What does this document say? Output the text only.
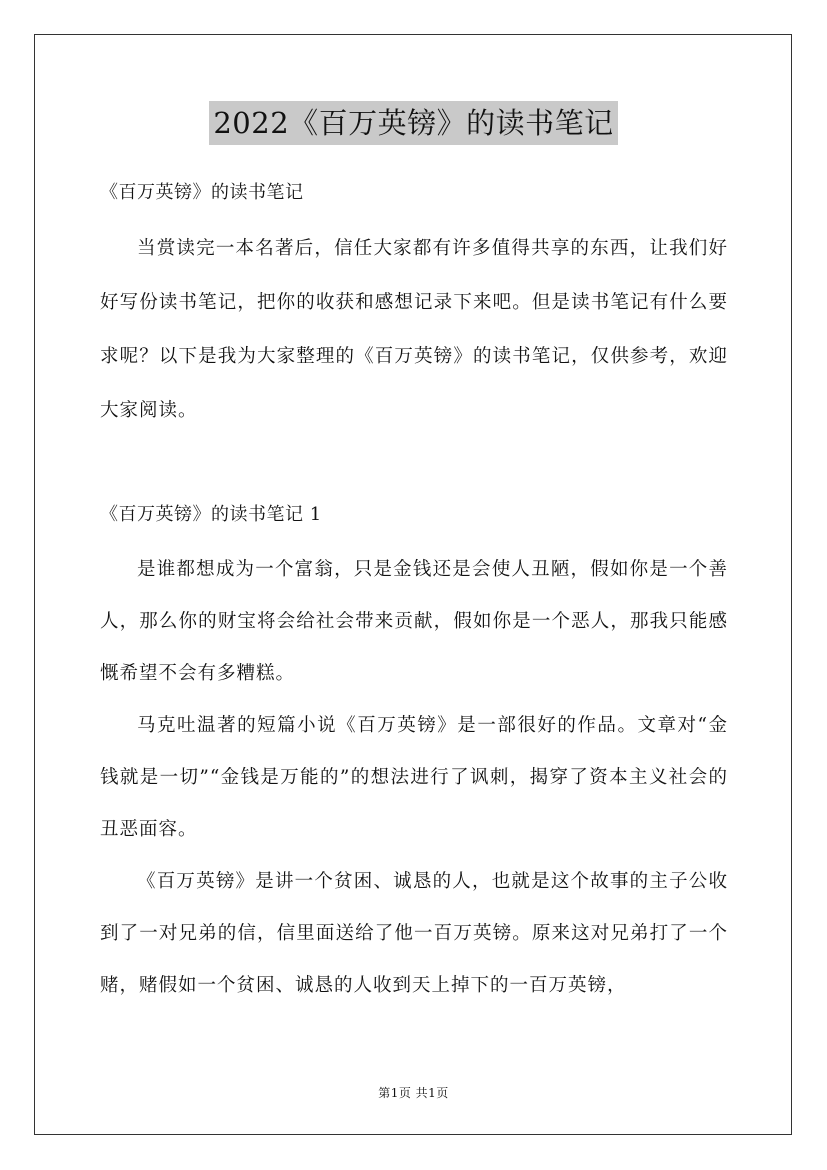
2022《百万英镑》的读书笔记

《百万英镑》的读书笔记

当赏读完一本名著后，信任大家都有许多值得共享的东西，让我们好好写份读书笔记，把你的收获和感想记录下来吧。但是读书笔记有什么要求呢？以下是我为大家整理的《百万英镑》的读书笔记，仅供参考，欢迎大家阅读。

《百万英镑》的读书笔记 1

是谁都想成为一个富翁，只是金钱还是会使人丑陋，假如你是一个善人，那么你的财宝将会给社会带来贡献，假如你是一个恶人，那我只能感慨希望不会有多糟糕。

马克吐温著的短篇小说《百万英镑》是一部很好的作品。文章对“金钱就是一切”“金钱是万能的”的想法进行了讽刺，揭穿了资本主义社会的丑恶面容。

《百万英镑》是讲一个贫困、诚恳的人，也就是这个故事的主子公收到了一对兄弟的信，信里面送给了他一百万英镑。原来这对兄弟打了一个赌，赌假如一个贫困、诚恳的人收到天上掉下的一百万英镑，

第1页 共1页
